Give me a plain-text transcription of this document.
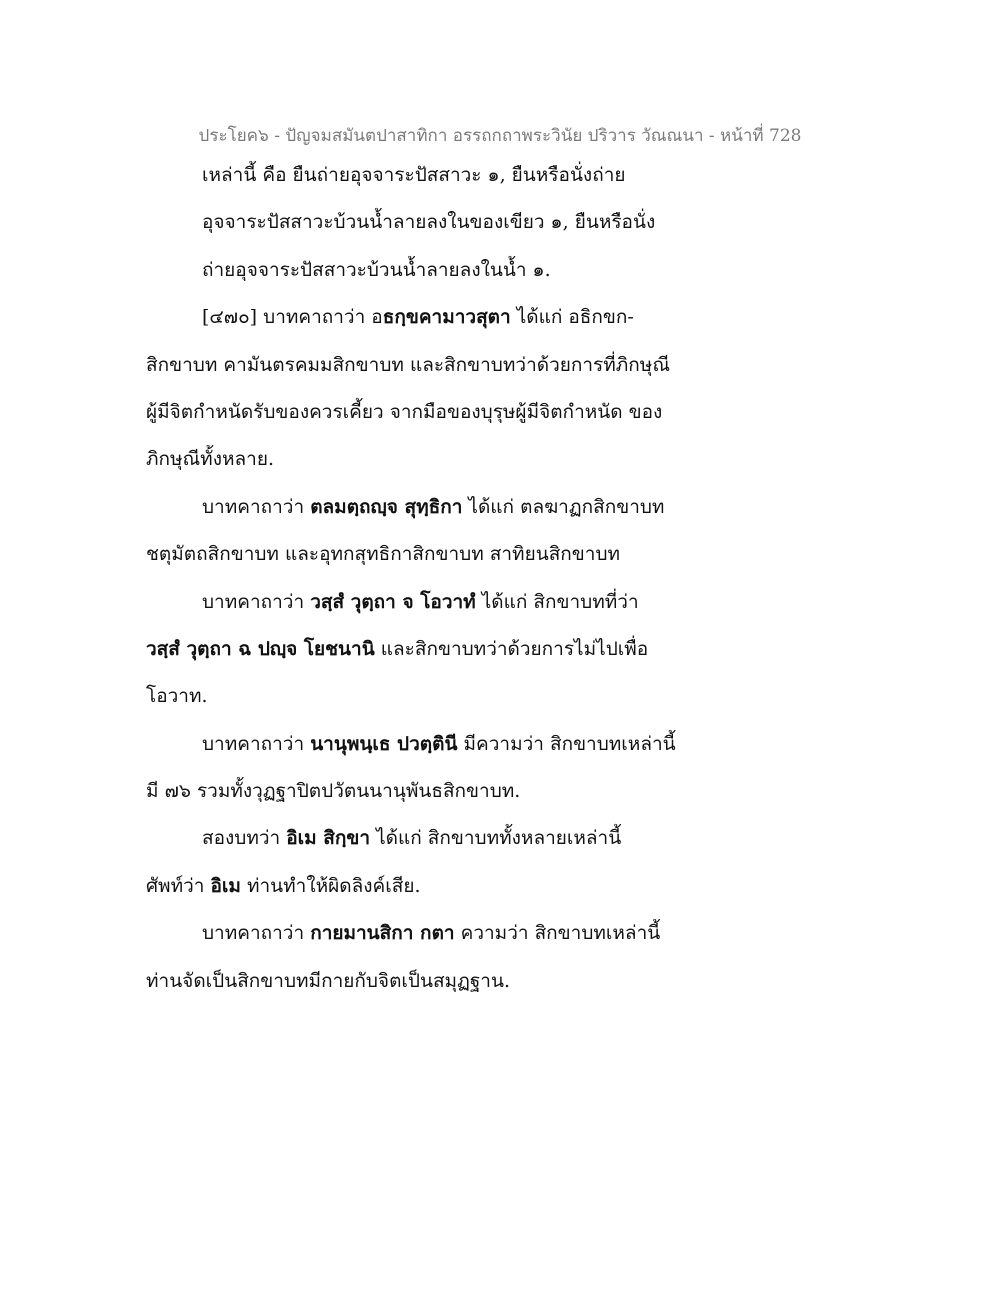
ประโยค๖ - ปัญจมสมันตปาสาทิกา อรรถกถาพระวินัย ปริวาร วัณณนา - หน้าที่ 728
เหล่านี้ คือ ยืนถ่ายอุจจาระปัสสาวะ ๑, ยืนหรือนั่งถ่าย
อุจจาระปัสสาวะบ้วนน้ำลายลงในของเขียว ๑, ยืนหรือนั่ง
ถ่ายอุจจาระปัสสาวะบ้วนน้ำลายลงในน้ำ ๑.
[๔๗๐] บาทคาถาว่า อธกฺขคามาวสุตา ได้แก่ อธิกขก-
สิกขาบท คามันตรคมมสิกขาบท และสิกขาบทว่าด้วยการที่ภิกษุณี
ผู้มีจิตกำหนัดรับของควรเคี้ยว จากมือของบุรุษผู้มีจิตกำหนัด ของ
ภิกษุณีทั้งหลาย.
บาทคาถาว่า ตลมตฺถญฺจ สุทฺธิกา ได้แก่ ตลฆาฏกสิกขาบท
ชตุมัตถสิกขาบท และอุทกสุทธิกาสิกขาบท สาทิยนสิกขาบท
บาทคาถาว่า วสฺสํ วุตฺถา จ โอวาทํ ได้แก่ สิกขาบทที่ว่า
วสฺสํ วุตฺถา ฉ ปญฺจ โยชนานิ และสิกขาบทว่าด้วยการไม่ไปเพื่อ
โอวาท.
บาทคาถาว่า นานุพนฺเธ ปวตฺตินี มีความว่า สิกขาบทเหล่านี้
มี ๗๖ รวมทั้งวุฏฐาปิตปวัตนนานุพันธสิกขาบท.
สองบทว่า อิเม สิกฺขา ได้แก่ สิกขาบททั้งหลายเหล่านี้
ศัพท์ว่า อิเม ท่านทำให้ผิดลิงค์เสีย.
บาทคาถาว่า กายมานสิกา กตา ความว่า สิกขาบทเหล่านี้
ท่านจัดเป็นสิกขาบทมีกายกับจิตเป็นสมุฏฐาน.
